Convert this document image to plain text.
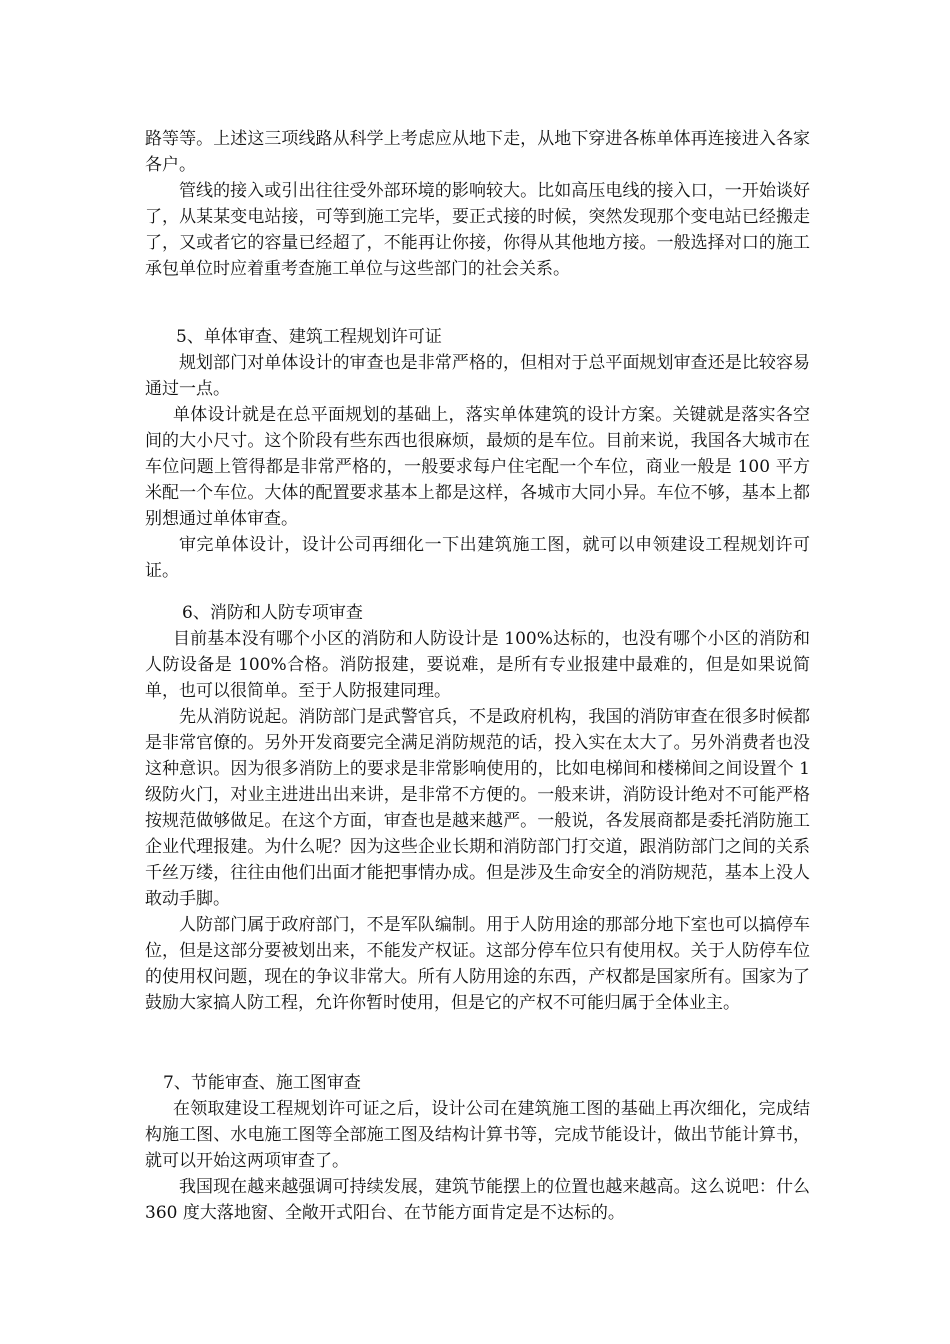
路等等。上述这三项线路从科学上考虑应从地下走，从地下穿进各栋单体再连接进入各家各户。

管线的接入或引出往往受外部环境的影响较大。比如高压电线的接入口，一开始谈好了，从某某变电站接，可等到施工完毕，要正式接的时候，突然发现那个变电站已经搬走了，又或者它的容量已经超了，不能再让你接，你得从其他地方接。一般选择对口的施工承包单位时应着重考查施工单位与这些部门的社会关系。

5、单体审查、建筑工程规划许可证

规划部门对单体设计的审查也是非常严格的，但相对于总平面规划审查还是比较容易通过一点。

单体设计就是在总平面规划的基础上，落实单体建筑的设计方案。关键就是落实各空间的大小尺寸。这个阶段有些东西也很麻烦，最烦的是车位。目前来说，我国各大城市在车位问题上管得都是非常严格的，一般要求每户住宅配一个车位，商业一般是 100 平方米配一个车位。大体的配置要求基本上都是这样，各城市大同小异。车位不够，基本上都别想通过单体审查。

审完单体设计，设计公司再细化一下出建筑施工图，就可以申领建设工程规划许可证。

6、消防和人防专项审查

目前基本没有哪个小区的消防和人防设计是 100%达标的，也没有哪个小区的消防和人防设备是 100%合格。消防报建，要说难，是所有专业报建中最难的，但是如果说简单，也可以很简单。至于人防报建同理。

先从消防说起。消防部门是武警官兵，不是政府机构，我国的消防审查在很多时候都是非常官僚的。另外开发商要完全满足消防规范的话，投入实在太大了。另外消费者也没这种意识。因为很多消防上的要求是非常影响使用的，比如电梯间和楼梯间之间设置个 1 级防火门，对业主进进出出来讲，是非常不方便的。一般来讲，消防设计绝对不可能严格按规范做够做足。在这个方面，审查也是越来越严。一般说，各发展商都是委托消防施工企业代理报建。为什么呢？因为这些企业长期和消防部门打交道，跟消防部门之间的关系千丝万缕，往往由他们出面才能把事情办成。但是涉及生命安全的消防规范，基本上没人敢动手脚。

人防部门属于政府部门，不是军队编制。用于人防用途的那部分地下室也可以搞停车位，但是这部分要被划出来，不能发产权证。这部分停车位只有使用权。关于人防停车位的使用权问题，现在的争议非常大。所有人防用途的东西，产权都是国家所有。国家为了鼓励大家搞人防工程，允许你暂时使用，但是它的产权不可能归属于全体业主。

7、节能审查、施工图审查

在领取建设工程规划许可证之后，设计公司在建筑施工图的基础上再次细化，完成结构施工图、水电施工图等全部施工图及结构计算书等，完成节能设计，做出节能计算书，就可以开始这两项审查了。

我国现在越来越强调可持续发展，建筑节能摆上的位置也越来越高。这么说吧：什么 360 度大落地窗、全敞开式阳台、在节能方面肯定是不达标的。
